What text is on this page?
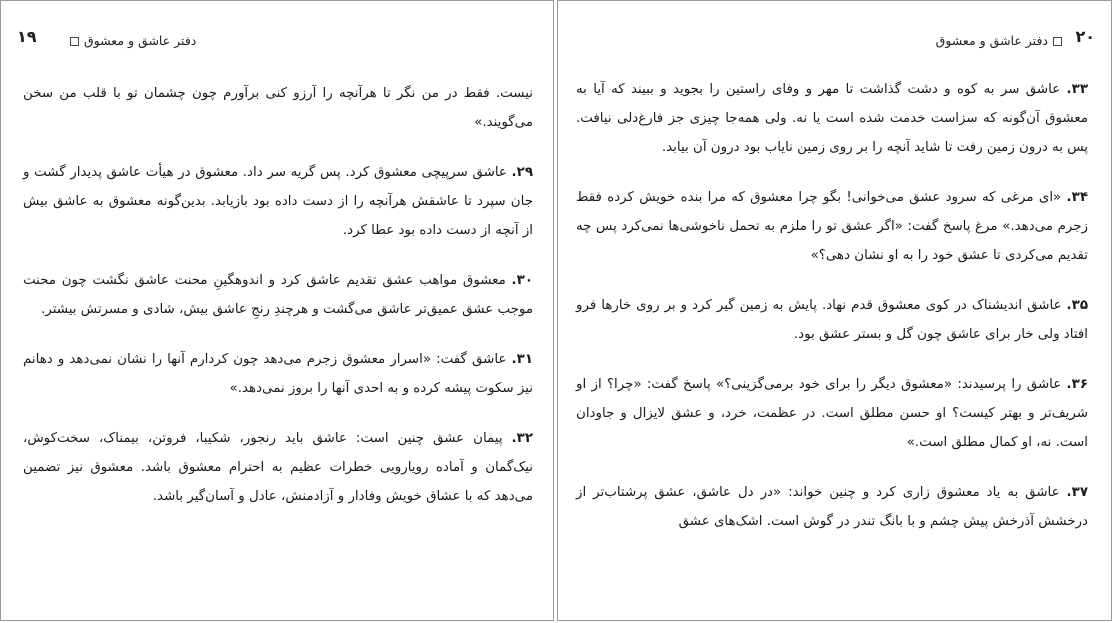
۱۹	دفتر عاشق و معشوق

نیست. فقط در من نگر تا هرآنچه را آرزو کنی برآورم چون چشمان تو با قلب من سخن می‌گویند.»

۲۹. عاشق سرپیچی معشوق کرد. پس گریه سر داد. معشوق در هیأت عاشق پدیدار گشت و جان سپرد تا عاشقش هرآنچه را از دست داده بود بازیابد. بدین‌گونه معشوق به عاشق بیش از آنچه از دست داده بود عطا کرد.

۳۰. معشوق مواهب عشق تقدیم عاشق کرد و اندوهگینِ محنت عاشق نگشت چون محنت موجب عشق عمیق‌تر عاشق می‌گشت و هرچندِ رنجِ عاشق بیش، شادی و مسرتش بیشتر.

۳۱. عاشق گفت: «اسرار معشوق زجرم می‌دهد چون کردارم آنها را نشان نمی‌دهد و دهانم نیز سکوت پیشه کرده و به احدی آنها را بروز نمی‌دهد.»

۳۲. پیمان عشق چنین است: عاشق باید رنجور، شکیبا، فروتن، بیمناک، سخت‌کوش، نیک‌گمان و آماده رویارویی خطرات عظیم به احترام معشوق باشد. معشوق نیز تضمین می‌دهد که با عشاق خویش وفادار و آزادمنش، عادل و آسان‌گیر باشد.

۲۰
دفتر عاشق و معشوق

۳۳. عاشق سر به کوه و دشت گذاشت تا مهر و وفای راستین را بجوید و ببیند که آیا به معشوق آن‌گونه که سزاست خدمت شده است یا نه. ولی همه‌جا چیزی جز فارغ‌دلی نیافت. پس به درون زمین رفت تا شاید آنچه را بر روی زمین نایاب بود درون آن بیابد.

۳۴. «ای مرغی که سرود عشق می‌خوانی! بگو چرا معشوق که مرا بنده خویش کرده فقط زجرم می‌دهد.» مرغ پاسخ گفت: «اگر عشق تو را ملزم به تحمل ناخوشی‌ها نمی‌کرد پس چه تقدیم می‌کردی تا عشق خود را به او نشان دهی؟»

۳۵. عاشق اندیشناک در کوی معشوق قدم نهاد. پایش به زمین گیر کرد و بر روی خارها فرو افتاد ولی خار برای عاشق چون گل و بستر عشق بود.

۳۶. عاشق را پرسیدند: «معشوق دیگر را برای خود برمی‌گزینی؟» پاسخ گفت: «چرا؟ از او شریف‌تر و بهتر کیست؟ او حسن مطلق است. در عظمت، خرد، و عشق لایزال و جاودان است. نه، او کمال مطلق است.»

۳۷. عاشق به یاد معشوق زاری کرد و چنین خواند: «در دل عاشق، عشق پرشتاب‌تر از درخشش آذرخش پیش چشم و با بانگ تندر در گوش است. اشک‌های عشق
